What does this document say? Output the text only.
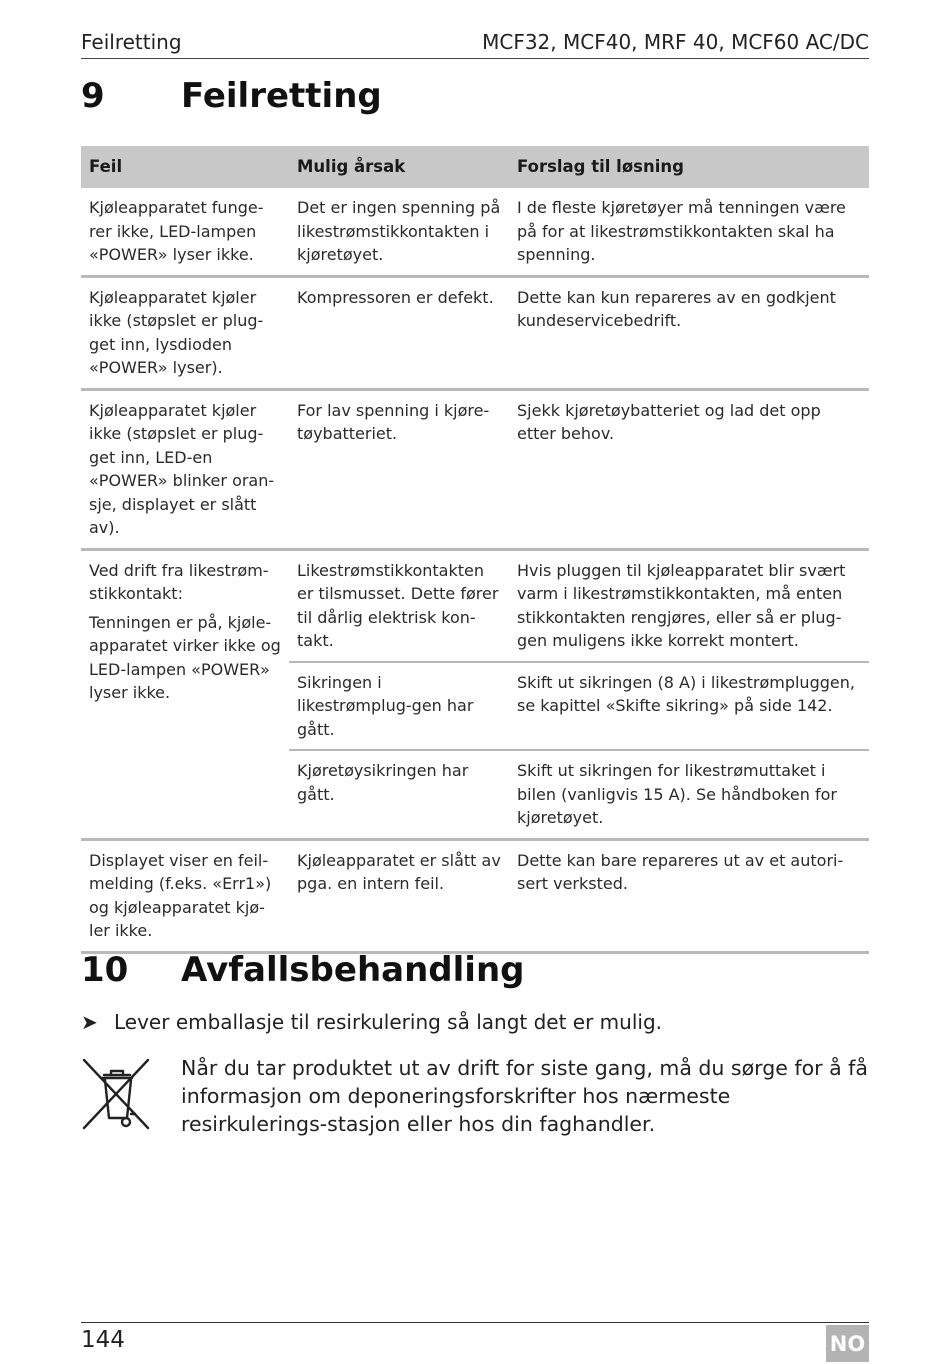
Feilretting	MCF32, MCF40, MRF 40, MCF60 AC/DC
9 Feilretting
Feil	Mulig årsak	Forslag til løsning
Kjøleapparatet funge-rer ikke, LED-lampen «POWER» lyser ikke.	Det er ingen spenning på likestrømstikkontakten i kjøretøyet.	I de fleste kjøretøyer må tenningen være på for at likestrømstikkontakten skal ha spenning.
Kjøleapparatet kjøler ikke (støpslet er plug-get inn, lysdioden «POWER» lyser).	Kompressoren er defekt.	Dette kan kun repareres av en godkjent kundeservicebedrift.
Kjøleapparatet kjøler ikke (støpslet er plug-get inn, LED-en «POWER» blinker oran-sje, displayet er slått av).	For lav spenning i kjøre-tøybatteriet.	Sjekk kjøretøybatteriet og lad det opp etter behov.

Ved drift fra likestrøm-stikkontakt:

Tenningen er på, kjøle-apparatet virker ikke og LED-lampen «POWER» lyser ikke.	Likestrømstikkontakten er tilsmusset. Dette fører til dårlig elektrisk kon-takt.	Hvis pluggen til kjøleapparatet blir svært varm i likestrømstikkontakten, må enten stikkontakten rengjøres, eller så er plug-gen muligens ikke korrekt montert.
	Sikringen i likestrømplug-gen har gått.	Skift ut sikringen (8 A) i likestrømpluggen, se kapittel «Skifte sikring» på side 142.
	Kjøretøysikringen har gått.	Skift ut sikringen for likestrømuttaket i bilen (vanligvis 15 A). Se håndboken for kjøretøyet.
Displayet viser en feil-melding (f.eks. «Err1») og kjøleapparatet kjø-ler ikke.	Kjøleapparatet er slått av pga. en intern feil.	Dette kan bare repareres ut av et autori-sert verksted.
10 Avfallsbehandling
➤ Lever emballasje til resirkulering så langt det er mulig.
Når du tar produktet ut av drift for siste gang, må du sørge for å få informasjon om deponeringsforskrifter hos nærmeste resirkulerings-stasjon eller hos din faghandler.
144	NO
